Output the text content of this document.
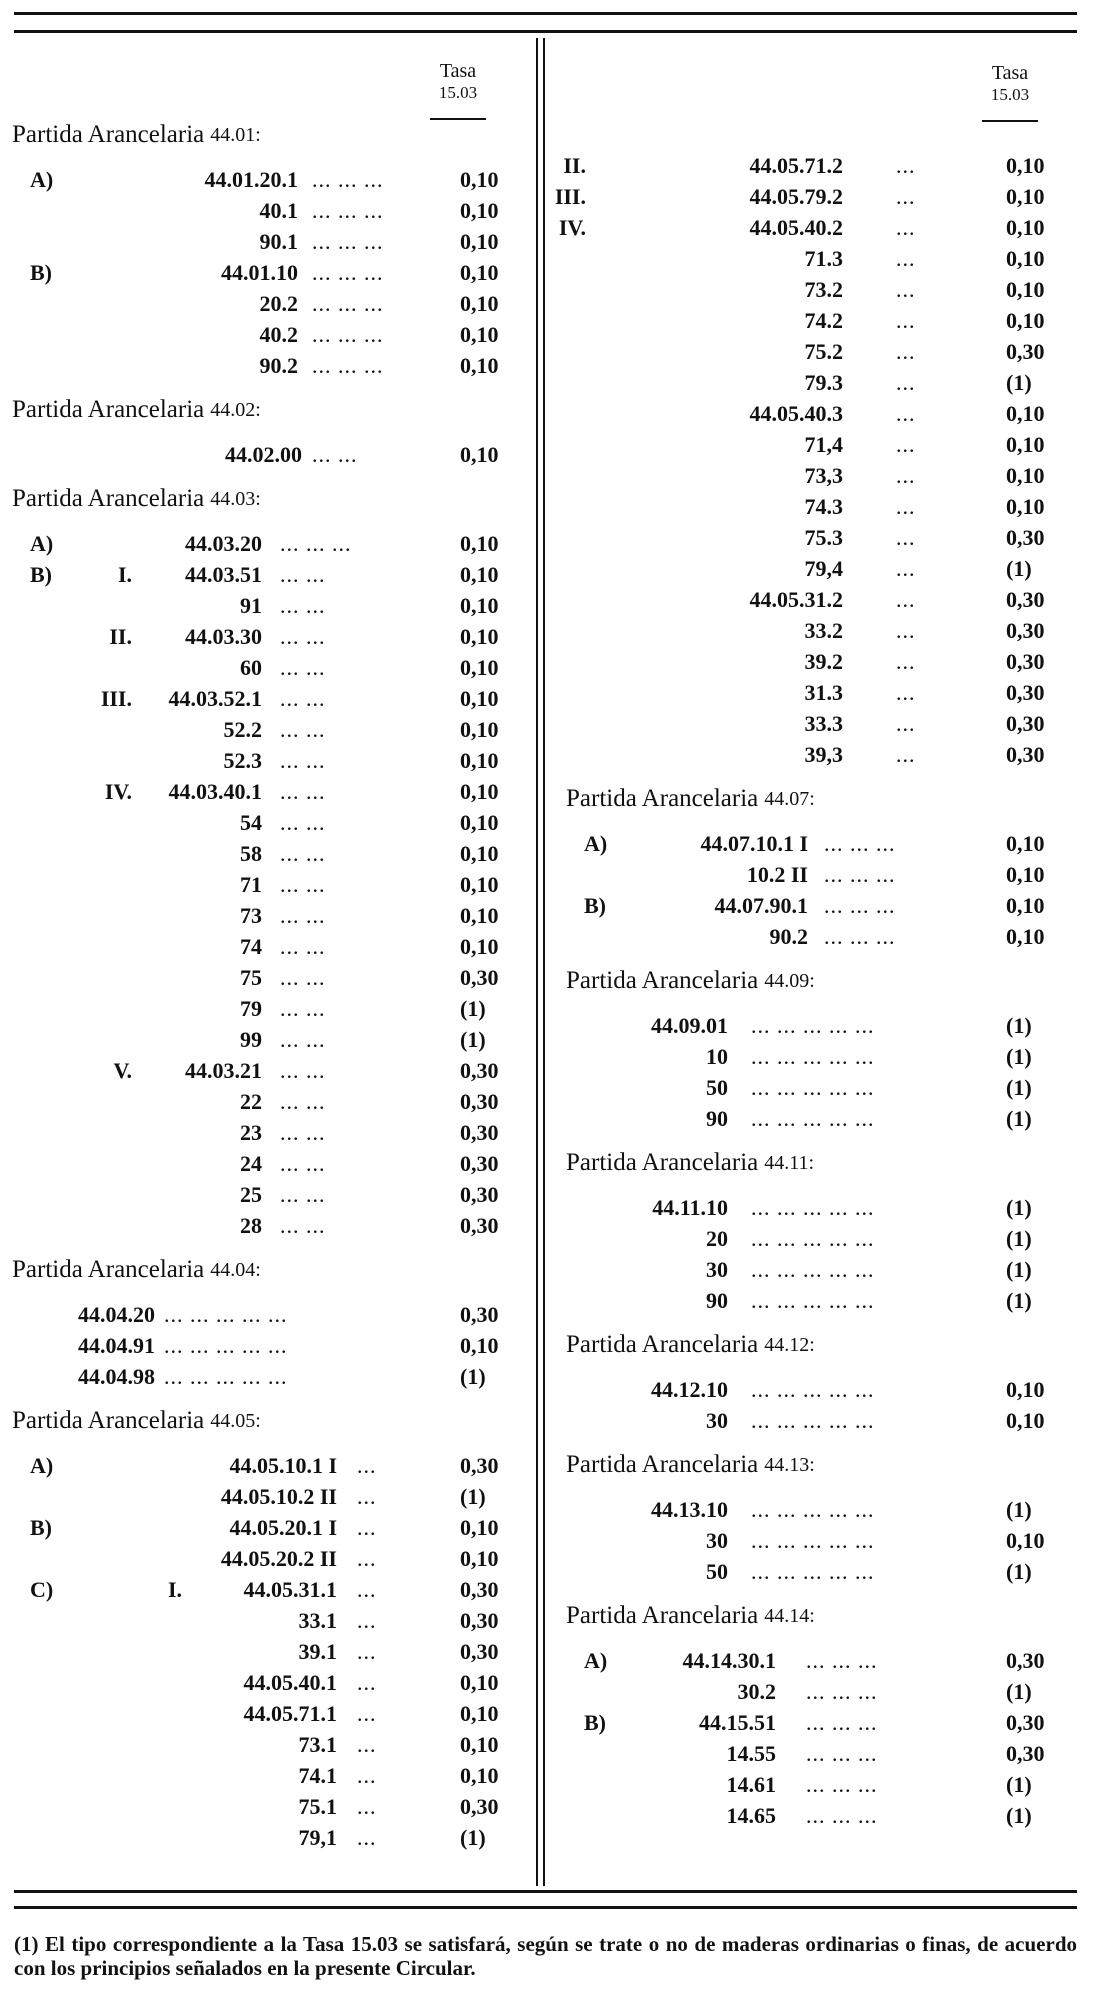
Tasa
15.03
Tasa
15.03
Partida Arancelaria 44.01:
A)	44.01.20.1 ... ... ...	0,10
40.1 ... ... ...	0,10
90.1 ... ... ...	0,10
B)	44.01.10 ... ... ...	0,10
20.2 ... ... ...	0,10
40.2 ... ... ...	0,10
90.2 ... ... ...	0,10
Partida Arancelaria 44.02:
44.02.00 ... ...	0,10
Partida Arancelaria 44.03:
A)	44.03.20 ... ... ...	0,10
B)	I. 44.03.51 ... ...	0,10
91 ... ...	0,10
II. 44.03.30 ... ...	0,10
60 ... ...	0,10
III. 44.03.52.1 ... ...	0,10
52.2 ... ...	0,10
52.3 ... ...	0,10
IV. 44.03.40.1 ... ...	0,10
54 ... ...	0,10
58 ... ...	0,10
71 ... ...	0,10
73 ... ...	0,10
74 ... ...	0,10
75 ... ...	0,30
79 ... ...	(1)
99 ... ...	(1)
V. 44.03.21 ... ...	0,30
22 ... ...	0,30
23 ... ...	0,30
24 ... ...	0,30
25 ... ...	0,30
28 ... ...	0,30
Partida Arancelaria 44.04:
44.04.20 ... ... ... ... ...	0,30
44.04.91 ... ... ... ... ...	0,10
44.04.98 ... ... ... ... ...	(1)
Partida Arancelaria 44.05:
A)	44.05.10.1 I ...	0,30
44.05.10.2 II ...	(1)
B)	44.05.20.1 I ...	0,10
44.05.20.2 II ...	0,10
C)	I.	44.05.31.1 ...	0,30
33.1 ...	0,30
39.1 ...	0,30
44.05.40.1 ...	0,10
44.05.71.1 ...	0,10
73.1 ...	0,10
74.1 ...	0,10
75.1 ...	0,30
79,1 ...	(1)
II.	44.05.71.2 ...	0,10
III.	44.05.79.2 ...	0,10
IV.	44.05.40.2 ...	0,10
71.3 ...	0,10
73.2 ...	0,10
74.2 ...	0,10
75.2 ...	0,30
79.3 ...	(1)
44.05.40.3 ...	0,10
71,4 ...	0,10
73,3 ...	0,10
74.3 ...	0,10
75.3 ...	0,30
79,4 ...	(1)
44.05.31.2 ...	0,30
33.2 ...	0,30
39.2 ...	0,30
31.3 ...	0,30
33.3 ...	0,30
39,3 ...	0,30
Partida Arancelaria 44.07:
A)	44.07.10.1 I ... ... ...	0,10
10.2 II ... ... ...	0,10
B)	44.07.90.1 ... ... ...	0,10
90.2 ... ... ...	0,10
Partida Arancelaria 44.09:
44.09.01 ... ... ... ... ...	(1)
10 ... ... ... ... ...	(1)
50 ... ... ... ... ...	(1)
90 ... ... ... ... ...	(1)
Partida Arancelaria 44.11:
44.11.10 ... ... ... ... ...	(1)
20 ... ... ... ... ...	(1)
30 ... ... ... ... ...	(1)
90 ... ... ... ... ...	(1)
Partida Arancelaria 44.12:
44.12.10 ... ... ... ... ...	0,10
30 ... ... ... ... ...	0,10
Partida Arancelaria 44.13:
44.13.10 ... ... ... ... ...	(1)
30 ... ... ... ... ...	0,10
50 ... ... ... ... ...	(1)
Partida Arancelaria 44.14:
A)	44.14.30.1 ... ... ...	0,30
30.2 ... ... ...	(1)
B)	44.15.51 ... ... ...	0,30
14.55 ... ... ...	0,30
14.61 ... ... ...	(1)
14.65 ... ... ...	(1)
(1) El tipo correspondiente a la Tasa 15.03 se satisfará, según se trate o no de maderas ordinarias o finas, de acuerdo con los principios señalados en la presente Circular.
